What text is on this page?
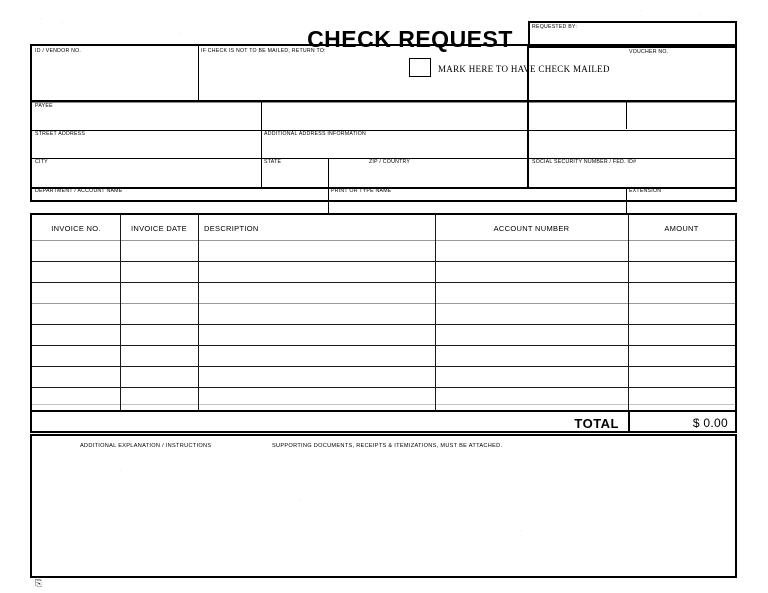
CHECK REQUEST	REQUESTED BY:
ID / VENDOR NO.	IF CHECK IS NOT TO BE MAILED, RETURN TO:	VOUCHER NO.
PAYEE
STREET ADDRESS	ADDITIONAL ADDRESS INFORMATION
CITY	STATE	ZIP / COUNTRY	SOCIAL SECURITY NUMBER / FED. ID#
DEPARTMENT / ACCOUNT NAME	PRINT OR TYPE NAME	EXTENSION
MARK HERE TO HAVE CHECK MAILED
INVOICE NO.	INVOICE DATE	DESCRIPTION	ACCOUNT NUMBER	AMOUNT
TOTAL	$ 0.00
ADDITIONAL EXPLANATION / INSTRUCTIONS	SUPPORTING DOCUMENTS, RECEIPTS & ITEMIZATIONS, MUST BE ATTACHED.
⎘
